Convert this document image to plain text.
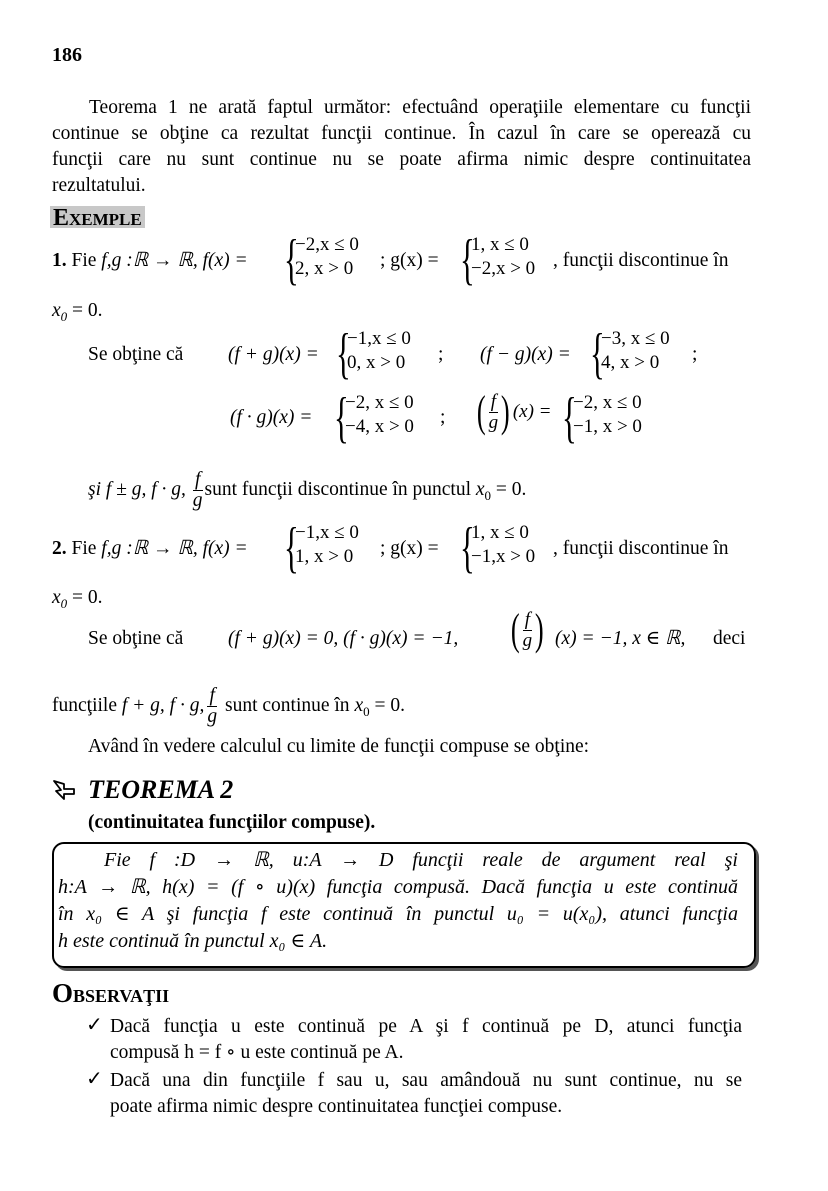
186
Teorema 1 ne arată faptul următor: efectuând operaţiile elementare cu funcţii
continue se obţine ca rezultat funcţii continue. În cazul în care se operează cu
funcţii care nu sunt continue nu se poate afirma nimic despre continuitatea
rezultatului.
EXEMPLE
1. Fie f,g :ℝ → ℝ, f(x) = {
−2,x ≤ 0
2, x > 0 ; g(x) = {
1, x ≤ 0
−2,x > 0 , funcţii discontinue în
$x_0 = 0$.
Se obţine că (f + g)(x) = {
−1,x ≤ 0
0, x > 0 ; (f − g)(x) = {
−3, x ≤ 0
4, x > 0	;
(f · g)(x) = {
−2, x ≤ 0
−4, x > 0 ; ( $\frac{f}{g}$ ) (x) = {
−2, x ≤ 0
−1, x > 0
şi f ± g, f · g, $\frac{f}{g}$ sunt funcţii discontinue în punctul $x_0 = 0$.
2. Fie f,g :ℝ → ℝ, f(x) = {
−1,x ≤ 0
1, x > 0 ; g(x) = {
1, x ≤ 0
−1,x > 0 , funcţii discontinue în
$x_0 = 0$.
Se obţine că (f + g)(x) = 0, (f · g)(x) = −1, ( $\frac{f}{g}$ ) (x) = −1, x ∈ ℝ, deci
funcţiile f + g, f · g, $\frac{f}{g}$ sunt continue în $x_0 = 0$.
Având în vedere calculul cu limite de funcţii compuse se obţine:
TEOREMA 2
(continuitatea funcţiilor compuse).
Fie f :D → ℝ, u:A → D funcţii reale de argument real şi
h:A → ℝ, h(x) = (f ∘ u)(x) funcţia compusă. Dacă funcţia u este continuă
în x₀ ∈ A şi funcţia f este continuă în punctul u₀ = u(x₀), atunci funcţia
h este continuă în punctul x₀ ∈ A.
OBSERVAŢII
✓ Dacă funcţia u este continuă pe A şi f continuă pe D, atunci funcţia
compusă h = f ∘ u este continuă pe A.
✓ Dacă una din funcţiile f sau u, sau amândouă nu sunt continue, nu se
poate afirma nimic despre continuitatea funcţiei compuse.
